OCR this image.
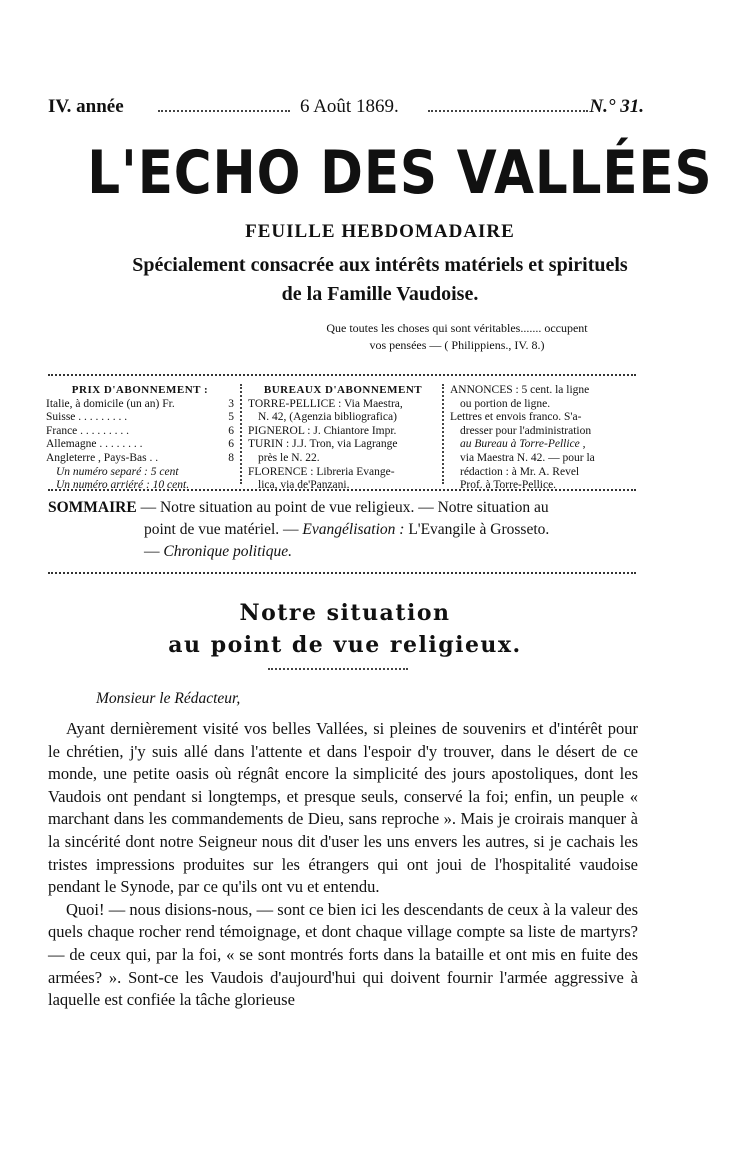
IV. année	6 Août 1869.	N.° 31.
L'ECHO DES VALLÉES
FEUILLE HEBDOMADAIRE
Spécialement consacrée aux intérêts matériels et spirituels
de la Famille Vaudoise.
Que toutes les choses qui sont véritables....... occupent
vos pensées — ( Philippiens., IV. 8.)
PRIX D'ABONNEMENT :
Italie, à domicile (un an) Fr.	3
Suisse . . . . . . . . .	5
France . . . . . . . . .	6
Allemagne . . . . . . . .	6
Angleterre , Pays-Bas . .	8
Un numéro separé : 5 cent
Un numéro arriéré : 10 cent.
BUREAUX D'ABONNEMENT
TORRE-PELLICE : Via Maestra,
N. 42, (Agenzia bibliografica)
PIGNEROL : J. Chiantore Impr.
TURIN : J.J. Tron, via Lagrange
près le N. 22.
FLORENCE : Libreria Evange-
lica, via de'Panzani.
ANNONCES : 5 cent. la ligne
ou portion de ligne.
Lettres et envois franco. S'a-
dresser pour l'administration
au Bureau à Torre-Pellice ,
via Maestra N. 42. — pour la
rédaction : à Mr. A. Revel
Prof. à Torre-Pellice.
SOMMAIRE — Notre situation au point de vue religieux. — Notre situation au
point de vue matériel. — Evangélisation : L'Evangile à Grosseto.
— Chronique politique.
Notre situation
au point de vue religieux.
Monsieur le Rédacteur,

Ayant dernièrement visité vos belles Vallées, si pleines de souvenirs et d'intérêt pour le chrétien, j'y suis allé dans l'attente et dans l'espoir d'y trouver, dans le désert de ce monde, une petite oasis où régnât encore la simplicité des jours apostoliques, dont les Vaudois ont pendant si longtemps, et presque seuls, conservé la foi; enfin, un peuple « marchant dans les commandements de Dieu, sans reproche ». Mais je croirais manquer à la sincérité dont notre Seigneur nous dit d'user les uns envers les autres, si je cachais les tristes impressions produites sur les étrangers qui ont joui de l'hospitalité vaudoise pendant le Synode, par ce qu'ils ont vu et entendu.

Quoi! — nous disions-nous, — sont ce bien ici les descendants de ceux à la valeur des quels chaque rocher rend témoignage, et dont chaque village compte sa liste de martyrs? — de ceux qui, par la foi, « se sont montrés forts dans la bataille et ont mis en fuite des armées? ». Sont-ce les Vaudois d'aujourd'hui qui doivent fournir l'armée aggressive à laquelle est confiée la tâche glorieuse
